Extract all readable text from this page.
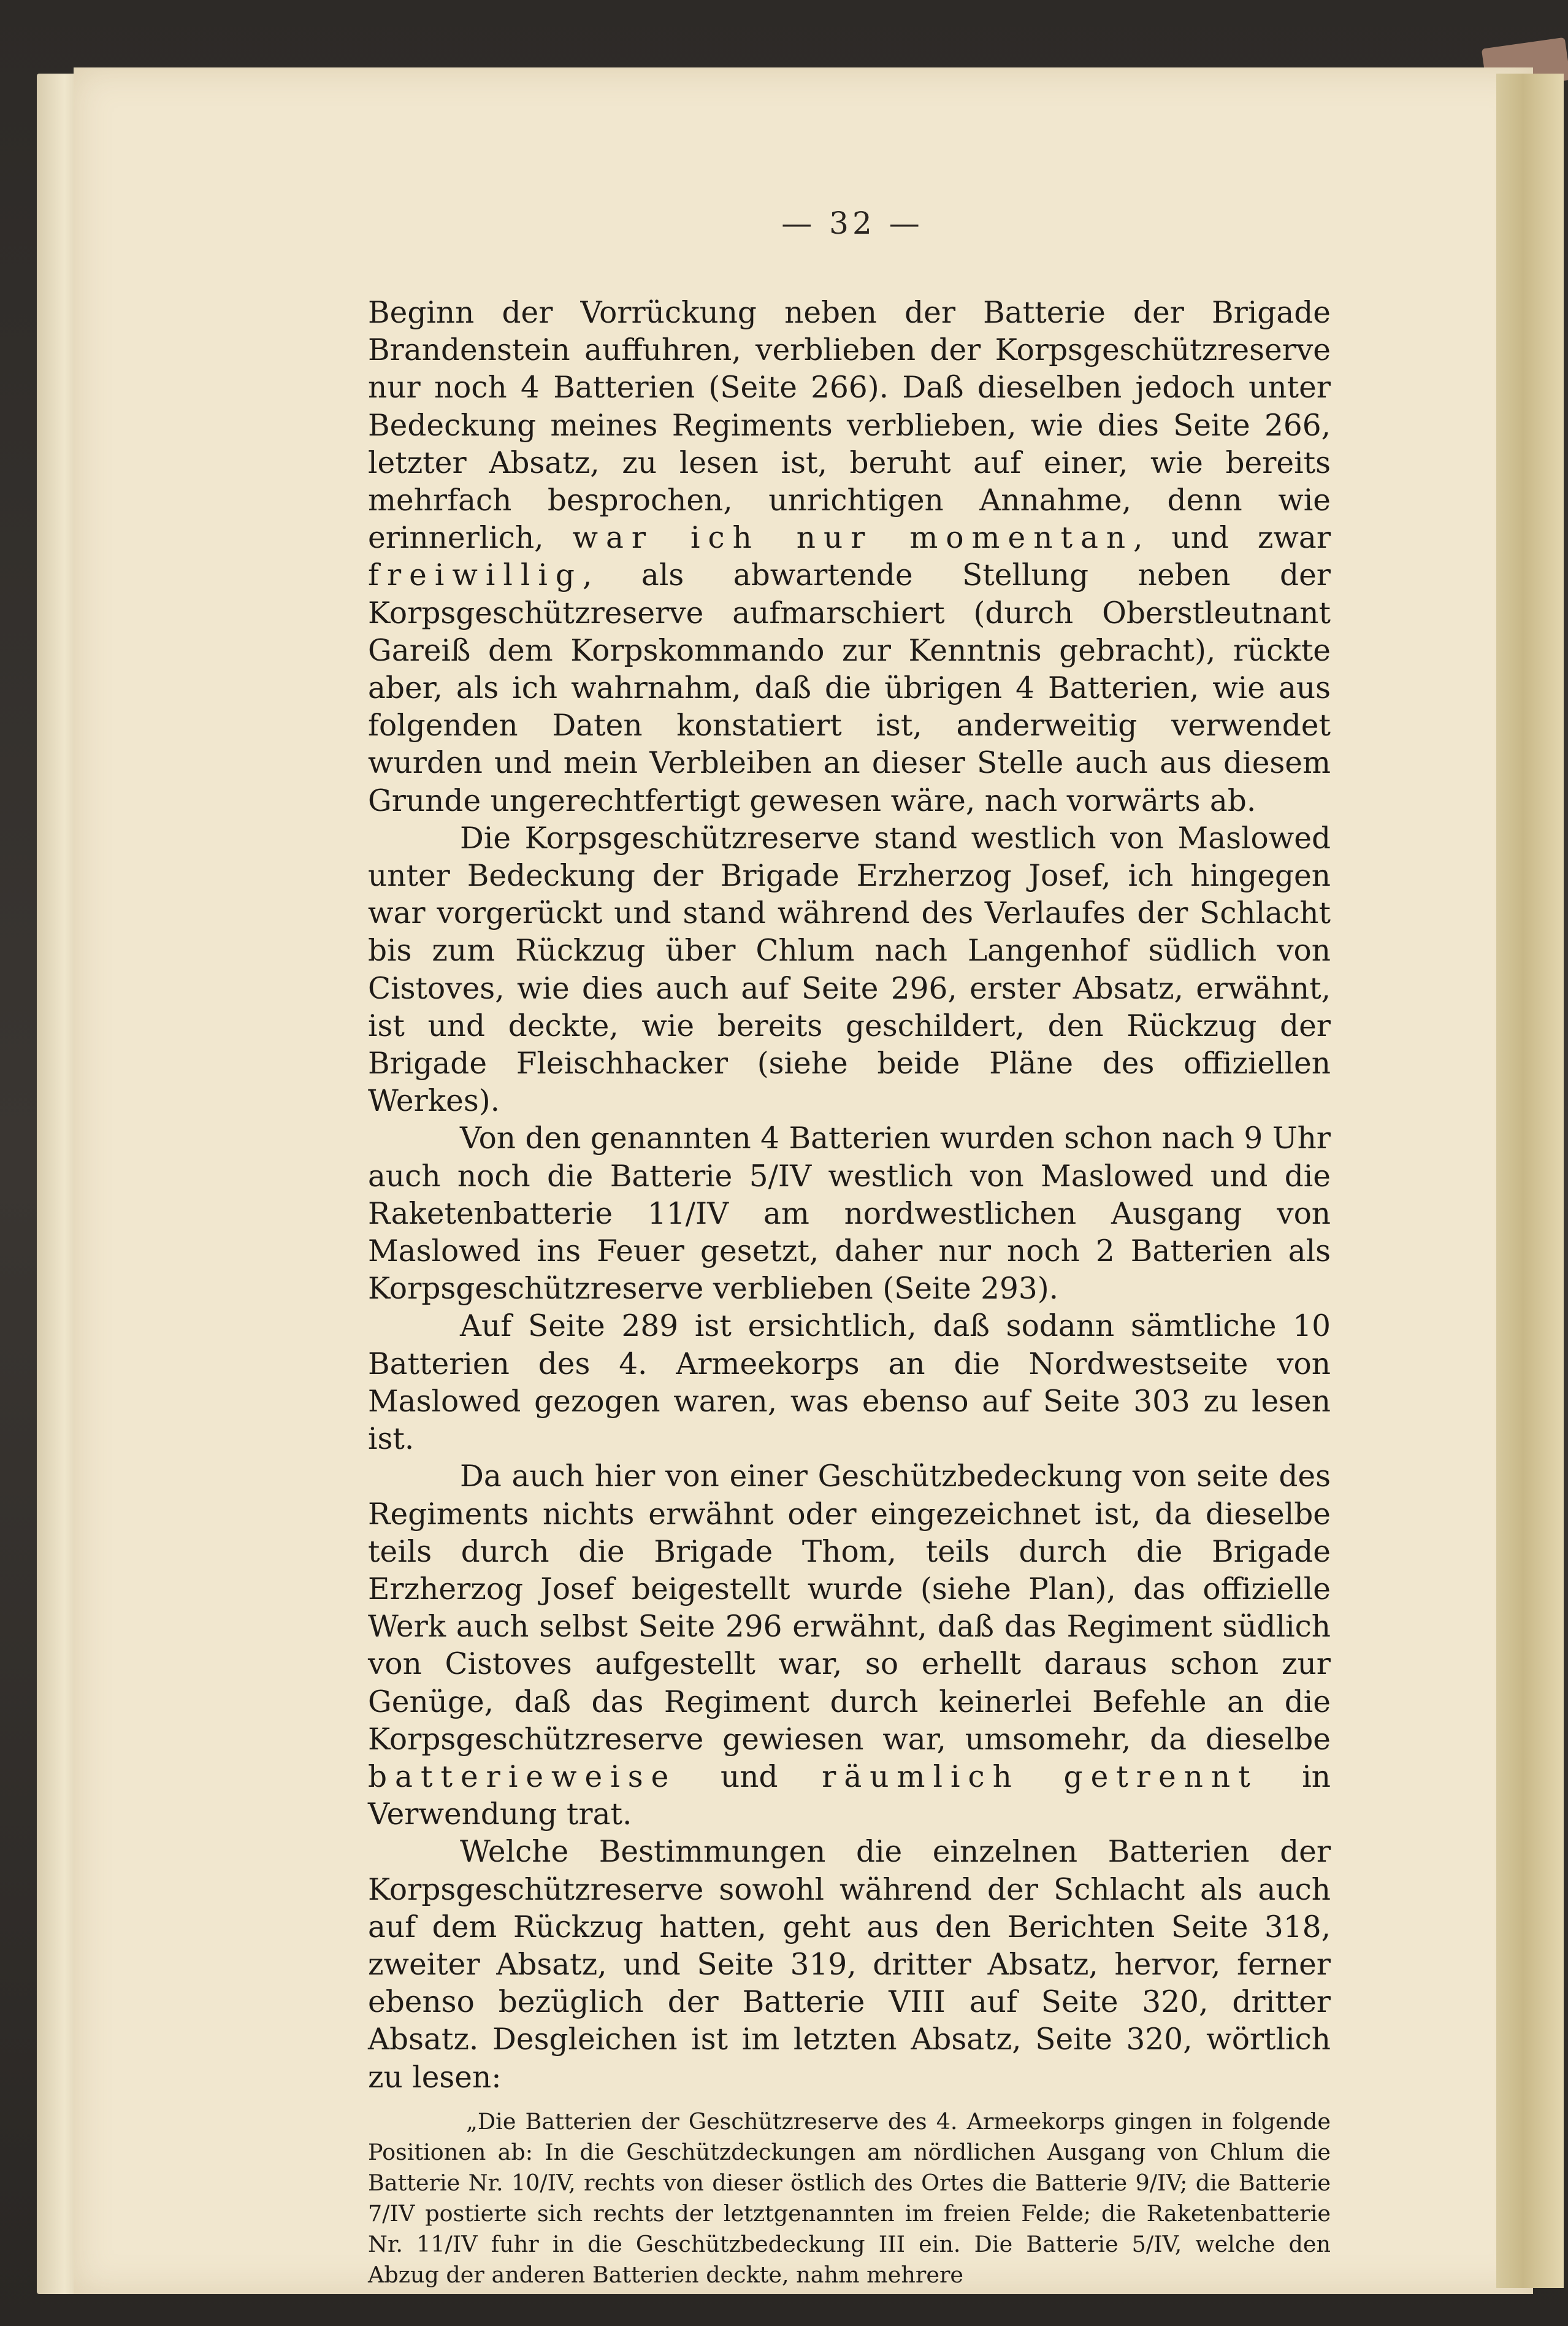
— 32 —

Beginn der Vorrückung neben der Batterie der Brigade Brandenstein auffuhren, verblieben der Korpsgeschützreserve nur noch 4 Batterien (Seite 266). Daß dieselben jedoch unter Bedeckung meines Regiments verblieben, wie dies Seite 266, letzter Absatz, zu lesen ist, beruht auf einer, wie bereits mehrfach besprochen, unrichtigen Annahme, denn wie erinnerlich, war ich nur momentan, und zwar freiwillig, als abwartende Stellung neben der Korpsgeschützreserve aufmarschiert (durch Oberstleutnant Gareiß dem Korpskommando zur Kenntnis gebracht), rückte aber, als ich wahrnahm, daß die übrigen 4 Batterien, wie aus folgenden Daten konstatiert ist, anderweitig verwendet wurden und mein Verbleiben an dieser Stelle auch aus diesem Grunde ungerechtfertigt gewesen wäre, nach vorwärts ab.

Die Korpsgeschützreserve stand westlich von Maslowed unter Bedeckung der Brigade Erzherzog Josef, ich hingegen war vorgerückt und stand während des Verlaufes der Schlacht bis zum Rückzug über Chlum nach Langenhof südlich von Cistoves, wie dies auch auf Seite 296, erster Absatz, erwähnt, ist und deckte, wie bereits geschildert, den Rückzug der Brigade Fleischhacker (siehe beide Pläne des offiziellen Werkes).

Von den genannten 4 Batterien wurden schon nach 9 Uhr auch noch die Batterie 5/IV westlich von Maslowed und die Raketenbatterie 11/IV am nordwestlichen Ausgang von Maslowed ins Feuer gesetzt, daher nur noch 2 Batterien als Korpsgeschützreserve verblieben (Seite 293).

Auf Seite 289 ist ersichtlich, daß sodann sämtliche 10 Batterien des 4. Armeekorps an die Nordwestseite von Maslowed gezogen waren, was ebenso auf Seite 303 zu lesen ist.

Da auch hier von einer Geschützbedeckung von seite des Regiments nichts erwähnt oder eingezeichnet ist, da dieselbe teils durch die Brigade Thom, teils durch die Brigade Erzherzog Josef beigestellt wurde (siehe Plan), das offizielle Werk auch selbst Seite 296 erwähnt, daß das Regiment südlich von Cistoves aufgestellt war, so erhellt daraus schon zur Genüge, daß das Regiment durch keinerlei Befehle an die Korpsgeschützreserve gewiesen war, umsomehr, da dieselbe batterieweise und räumlich getrennt in Verwendung trat.

Welche Bestimmungen die einzelnen Batterien der Korpsgeschützreserve sowohl während der Schlacht als auch auf dem Rückzug hatten, geht aus den Berichten Seite 318, zweiter Absatz, und Seite 319, dritter Absatz, hervor, ferner ebenso bezüglich der Batterie VIII auf Seite 320, dritter Absatz. Desgleichen ist im letzten Absatz, Seite 320, wörtlich zu lesen:

„Die Batterien der Geschützreserve des 4. Armeekorps gingen in folgende Positionen ab: In die Geschützdeckungen am nördlichen Ausgang von Chlum die Batterie Nr. 10/IV, rechts von dieser östlich des Ortes die Batterie 9/IV; die Batterie 7/IV postierte sich rechts der letztgenannten im freien Felde; die Raketenbatterie Nr. 11/IV fuhr in die Geschützbedeckung III ein. Die Batterie 5/IV, welche den Abzug der anderen Batterien deckte, nahm mehrere
